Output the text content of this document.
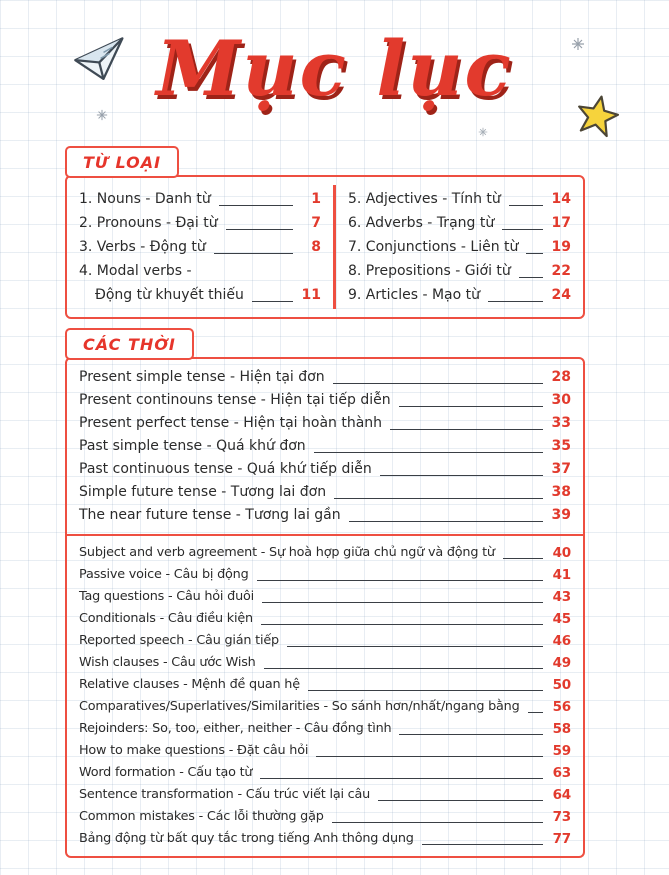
Mục lục
TỪ LOẠI
1. Nouns - Danh từ	1
2. Pronouns - Đại từ	7
3. Verbs - Động từ	8
4. Modal verbs -
Động từ khuyết thiếu	11
5. Adjectives - Tính từ	14
6. Adverbs - Trạng từ	17
7. Conjunctions - Liên từ 19
8. Prepositions - Giới từ	22
9. Articles - Mạo từ	24
CÁC THỜI
Present simple tense - Hiện tại đơn	28
Present continouns tense - Hiện tại tiếp diễn	30
Present perfect tense - Hiện tại hoàn thành	33
Past simple tense - Quá khứ đơn	35
Past continuous tense - Quá khứ tiếp diễn	37
Simple future tense - Tương lai đơn	38
The near future tense - Tương lai gần	39
Subject and verb agreement - Sự hoà hợp giữa chủ ngữ và động từ	40
Passive voice - Câu bị động	41
Tag questions - Câu hỏi đuôi	43
Conditionals - Câu điều kiện	45
Reported speech - Câu gián tiếp	46
Wish clauses - Câu ước Wish	49
Relative clauses - Mệnh đề quan hệ	50
Comparatives/Superlatives/Similarities - So sánh hơn/nhất/ngang bằng 56
Rejoinders: So, too, either, neither - Câu đồng tình	58
How to make questions - Đặt câu hỏi	59
Word formation - Cấu tạo từ	63
Sentence transformation - Cấu trúc viết lại câu	64
Common mistakes - Các lỗi thường gặp	73
Bảng động từ bất quy tắc trong tiếng Anh thông dụng	77
